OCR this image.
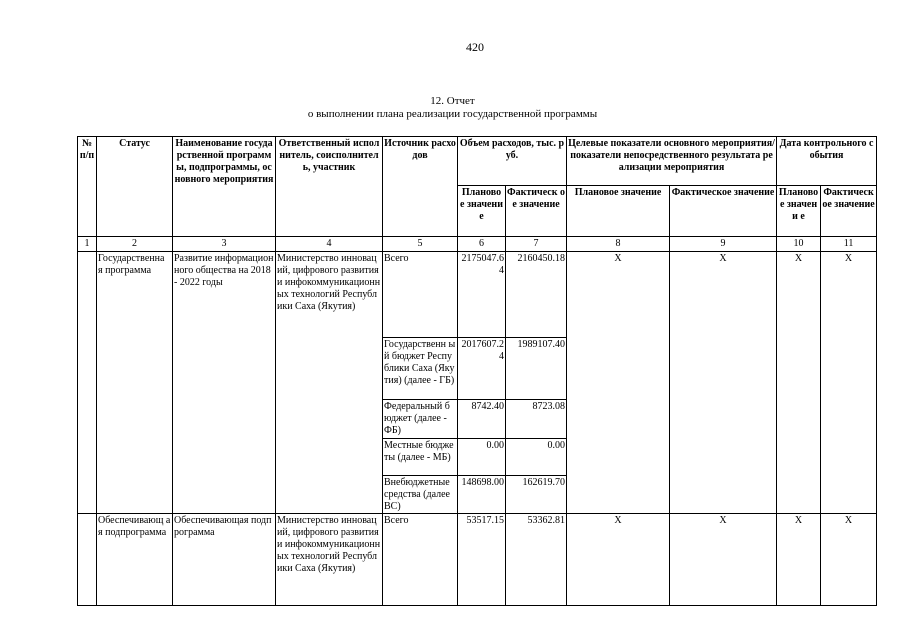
420
12. Отчет
о выполнении плана реализации государственной программы
№ п/п	Статус	Наименование государственной программы, подпрограммы, основного мероприятия	Ответственный исполнитель, соисполнитель, участник	Источник расходов	Объем расходов, тыс. руб.		Целевые показатели основного мероприятия/показатели непосредственного результата реализации мероприятия		Дата контрольного события	
					Планово е значение	Фактическ ое значение	Плановое значение	Фактическое значение	Планово е значени е	Фактическ ое значение
1	2	3	4	5	6	7	8	9	10	11
	Государственна я программа	Развитие информационного общества на 2018 - 2022 годы	Министерство инноваций, цифрового развития и инфокоммуникационн ых технологий Республики Саха (Якутия)	Всего	2175047.6 4	2160450.18	X	X	X	X
				Государственн ый бюджет Республики Саха (Якутия) (далее - ГБ)	2017607.2 4	1989107.40				
				Федеральный бюджет (далее - ФБ)	8742.40	8723.08				
				Местные бюджеты (далее - МБ)	0.00	0.00				
				Внебюджетные средства (далее ВС)	148698.00	162619.70				
	Обеспечивающ ая подпрограмма	Обеспечивающая подпрограмма	Министерство инноваций, цифрового развития и инфокоммуникационн ых технологий Республики Саха (Якутия)	Всего	53517.15	53362.81	X	X	X	X
